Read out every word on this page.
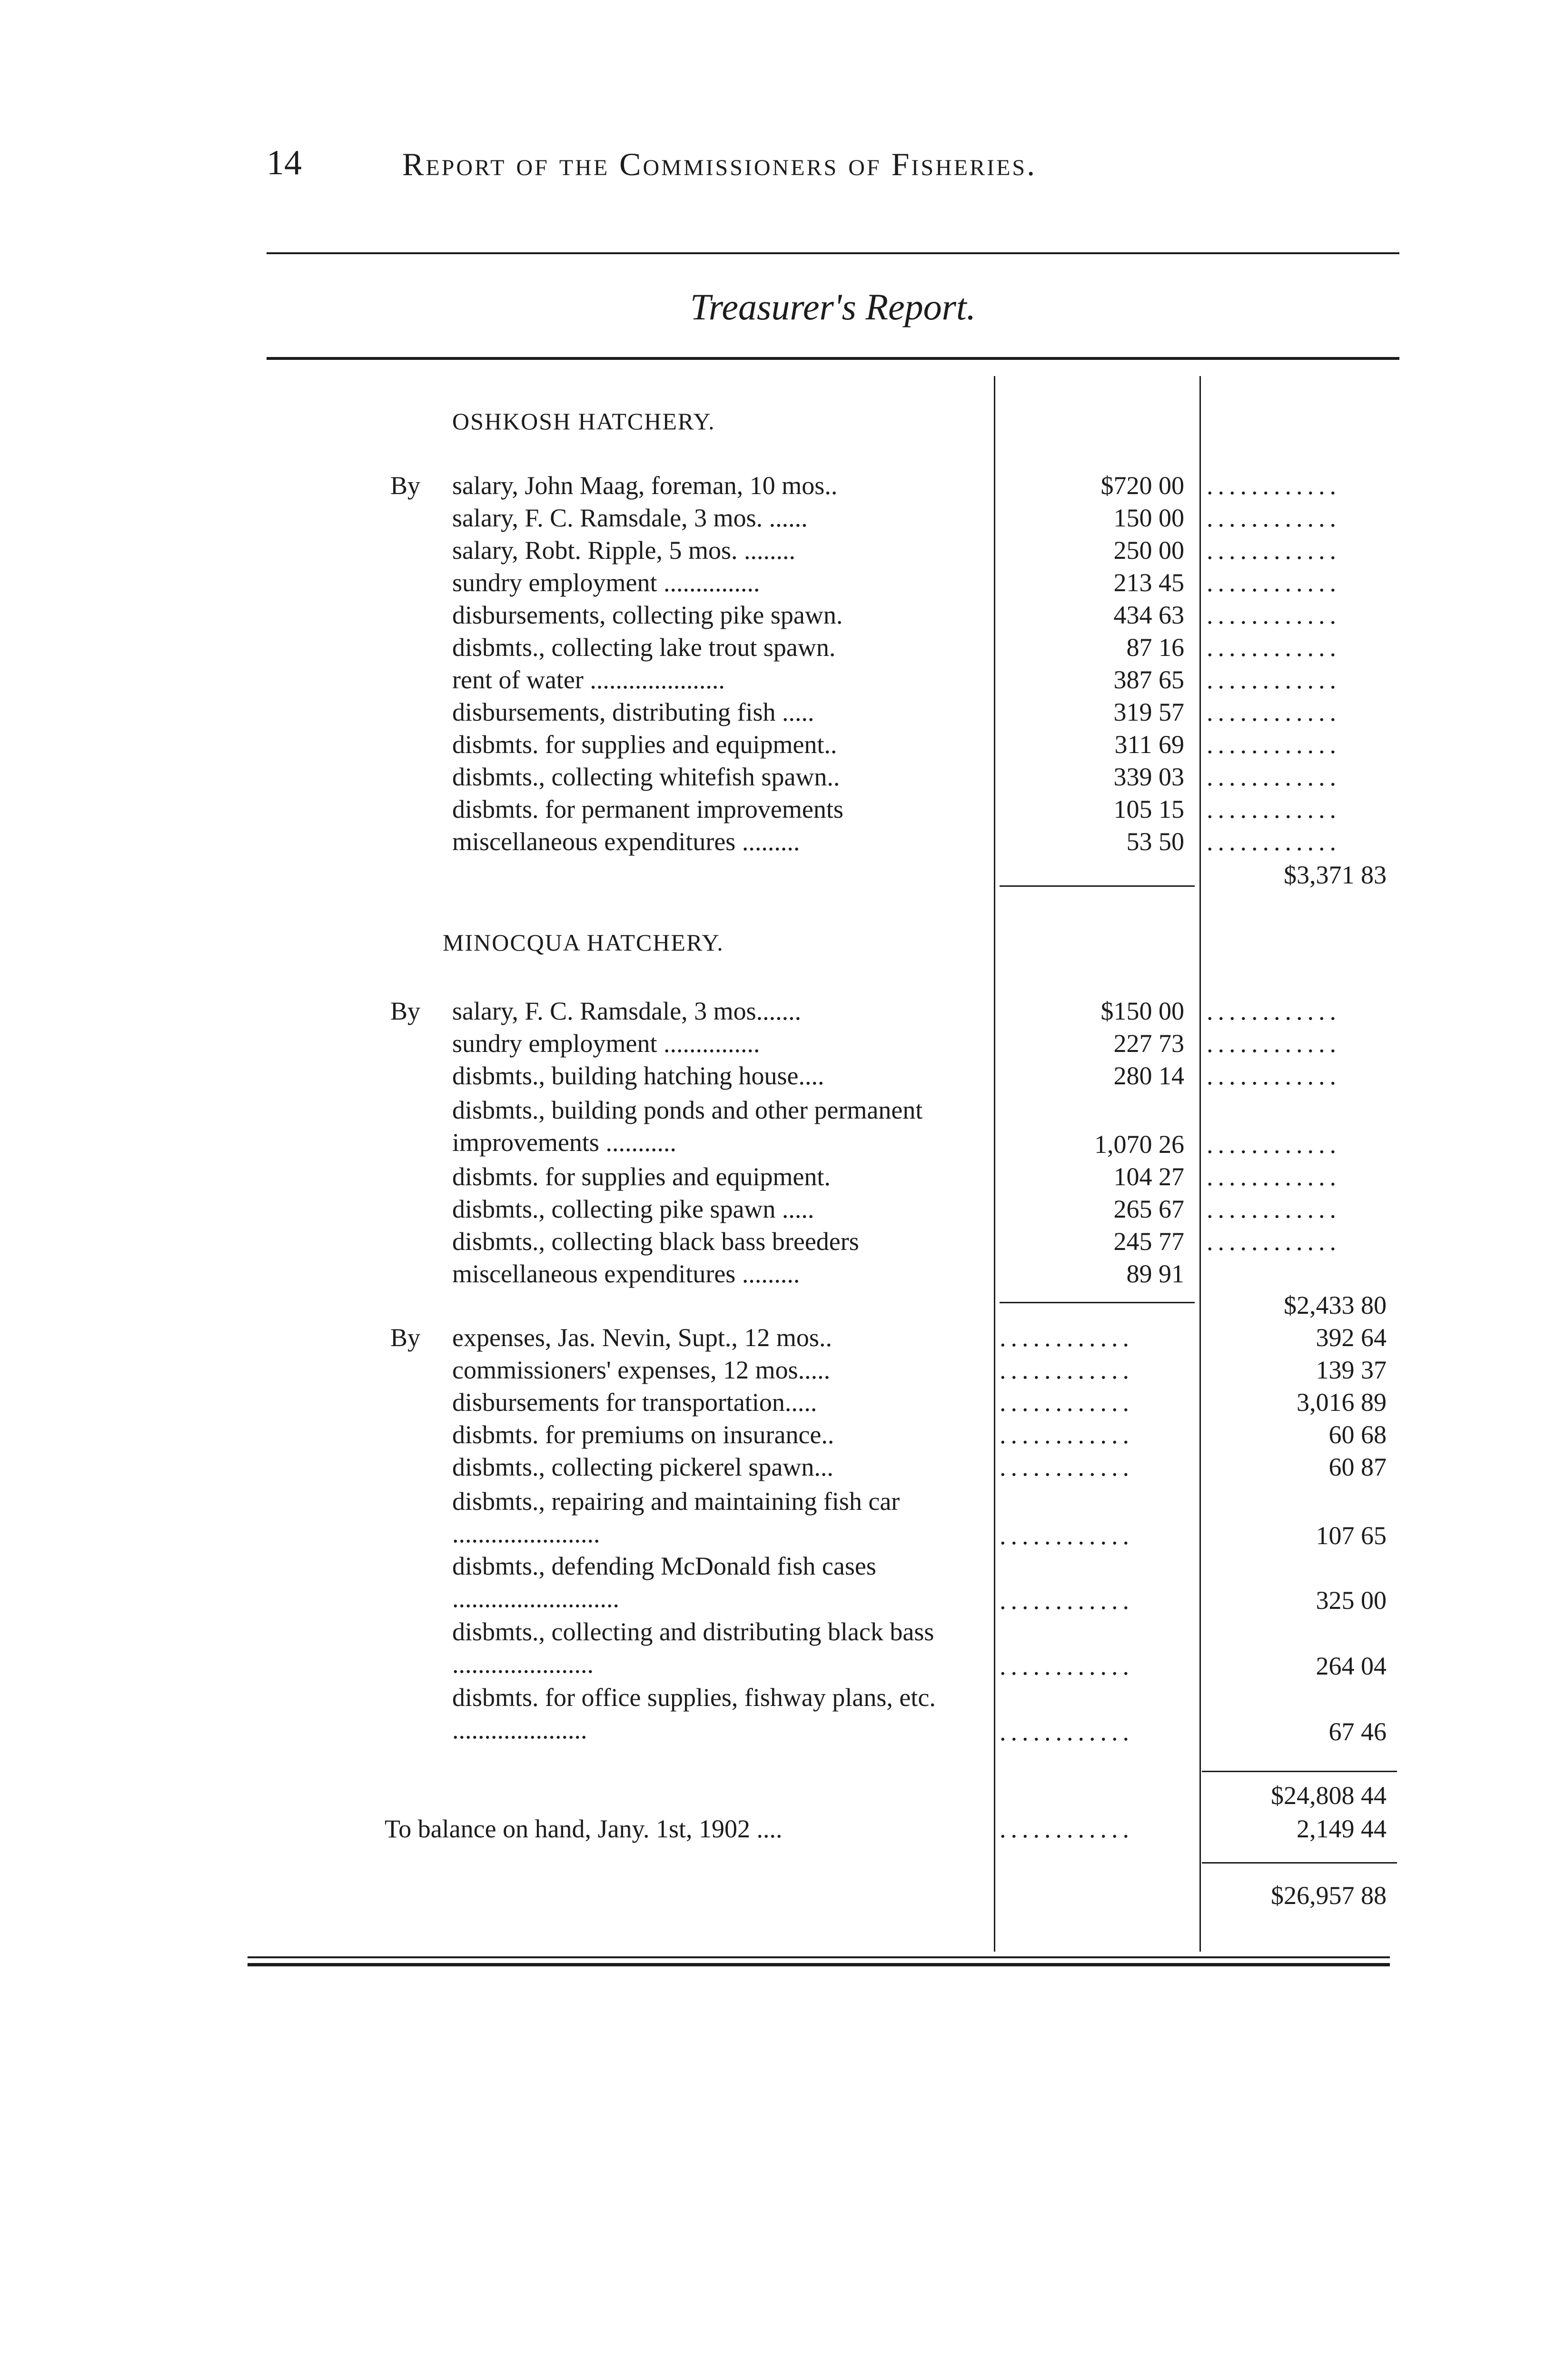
14	Report of the Commissioners of Fisheries.
Treasurer's Report.
OSHKOSH HATCHERY.
By	salary, John Maag, foreman, 10 mos..	$720 00 ............
salary, F. C. Ramsdale, 3 mos. ......	150 00 ............
salary, Robt. Ripple, 5 mos. ........	250 00 ............
sundry employment ...............	213 45 ............
disbursements, collecting pike spawn.	434 63 ............
disbmts., collecting lake trout spawn.	87 16 ............
rent of water .....................	387 65 ............
disbursements, distributing fish .....	319 57 ............
disbmts. for supplies and equipment..	311 69 ............
disbmts., collecting whitefish spawn..	339 03 ............
disbmts. for permanent improvements	105 15 ............
miscellaneous expenditures .........	53 50 ............
$3,371 83
MINOCQUA HATCHERY.
By	salary, F. C. Ramsdale, 3 mos.......	$150 00 ............
sundry employment ...............	227 73 ............
disbmts., building hatching house....	280 14 ............
disbmts., building ponds and other permanent improvements ...........	1,070 26 ............
disbmts. for supplies and equipment.	104 27 ............
disbmts., collecting pike spawn .....	265 67 ............
disbmts., collecting black bass breeders	245 77 ............
miscellaneous expenditures .........	89 91
$2,433 80
By	expenses, Jas. Nevin, Supt., 12 mos..	............	392 64
commissioners' expenses, 12 mos.....	............	139 37
disbursements for transportation.....	............	3,016 89
disbmts. for premiums on insurance..	............	60 68
disbmts., collecting pickerel spawn...	............	60 87
disbmts., repairing and maintaining fish car .......................	............	107 65
disbmts., defending McDonald fish cases ..........................	............	325 00
disbmts., collecting and distributing black bass ......................	............	264 04
disbmts. for office supplies, fishway plans, etc. .....................	............	67 46
$24,808 44
To balance on hand, Jany. 1st, 1902 ....	............	2,149 44
$26,957 88
